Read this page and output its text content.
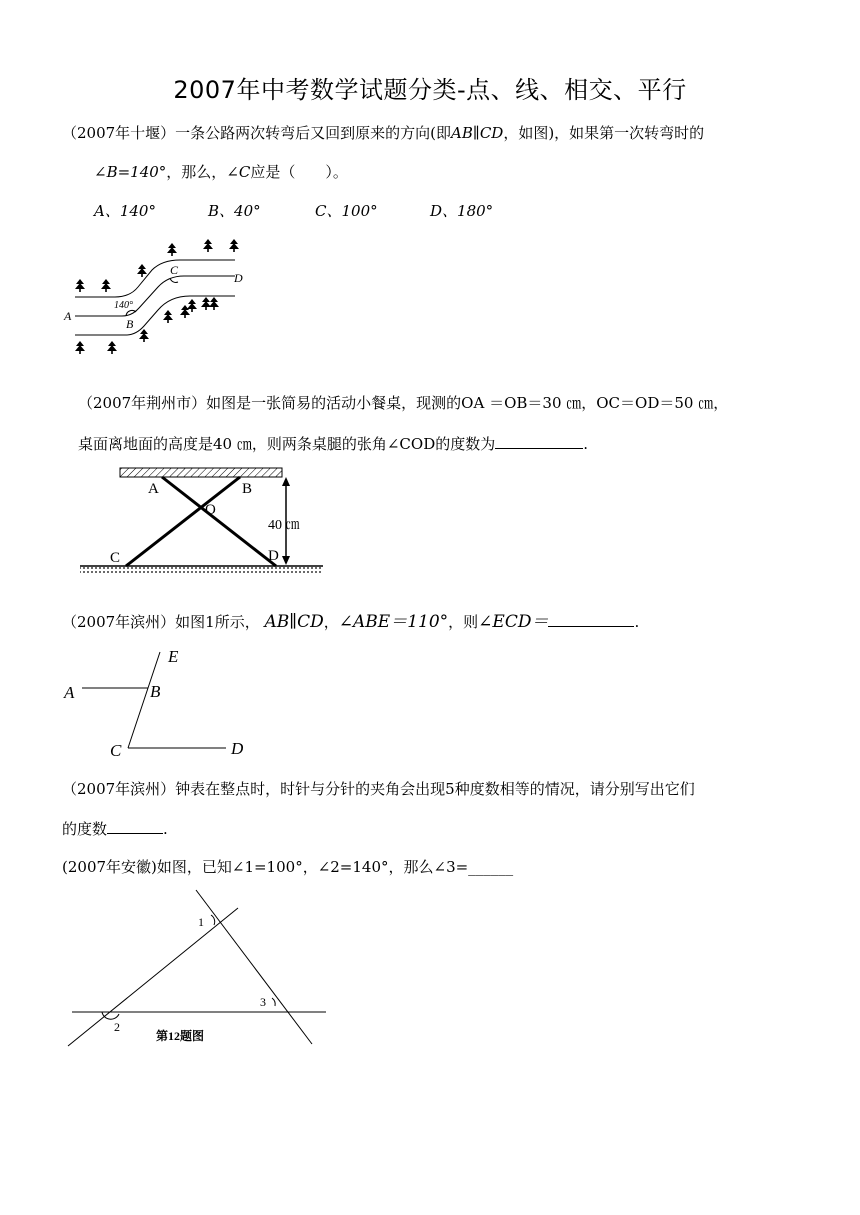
2007年中考数学试题分类-点、线、相交、平行
（2007年十堰）一条公路两次转弯后又回到原来的方向(即AB∥CD，如图)，如果第一次转弯时的
∠B=140°，那么，∠C应是（　　）。
A、140°	B、40°	C、100°	D、180°
A
B
C
D
140°
（2007年荆州市）如图是一张简易的活动小餐桌，现测的OA ＝OB＝30 ㎝，OC＝OD＝50 ㎝，
桌面离地面的高度是40 ㎝，则两条桌腿的张角∠COD的度数为	.
A	B
O
C	D
40 ㎝
（2007年滨州）如图1所示， AB∥CD，∠ABE＝110°，则∠ECD＝	.
A	B
C	D
E
（2007年滨州）钟表在整点时，时针与分针的夹角会出现5种度数相等的情况，请分别写出它们
的度数	.
(2007年安徽)如图，已知∠1=100°，∠2=140°，那么∠3=______
1
2
3
第12题图
